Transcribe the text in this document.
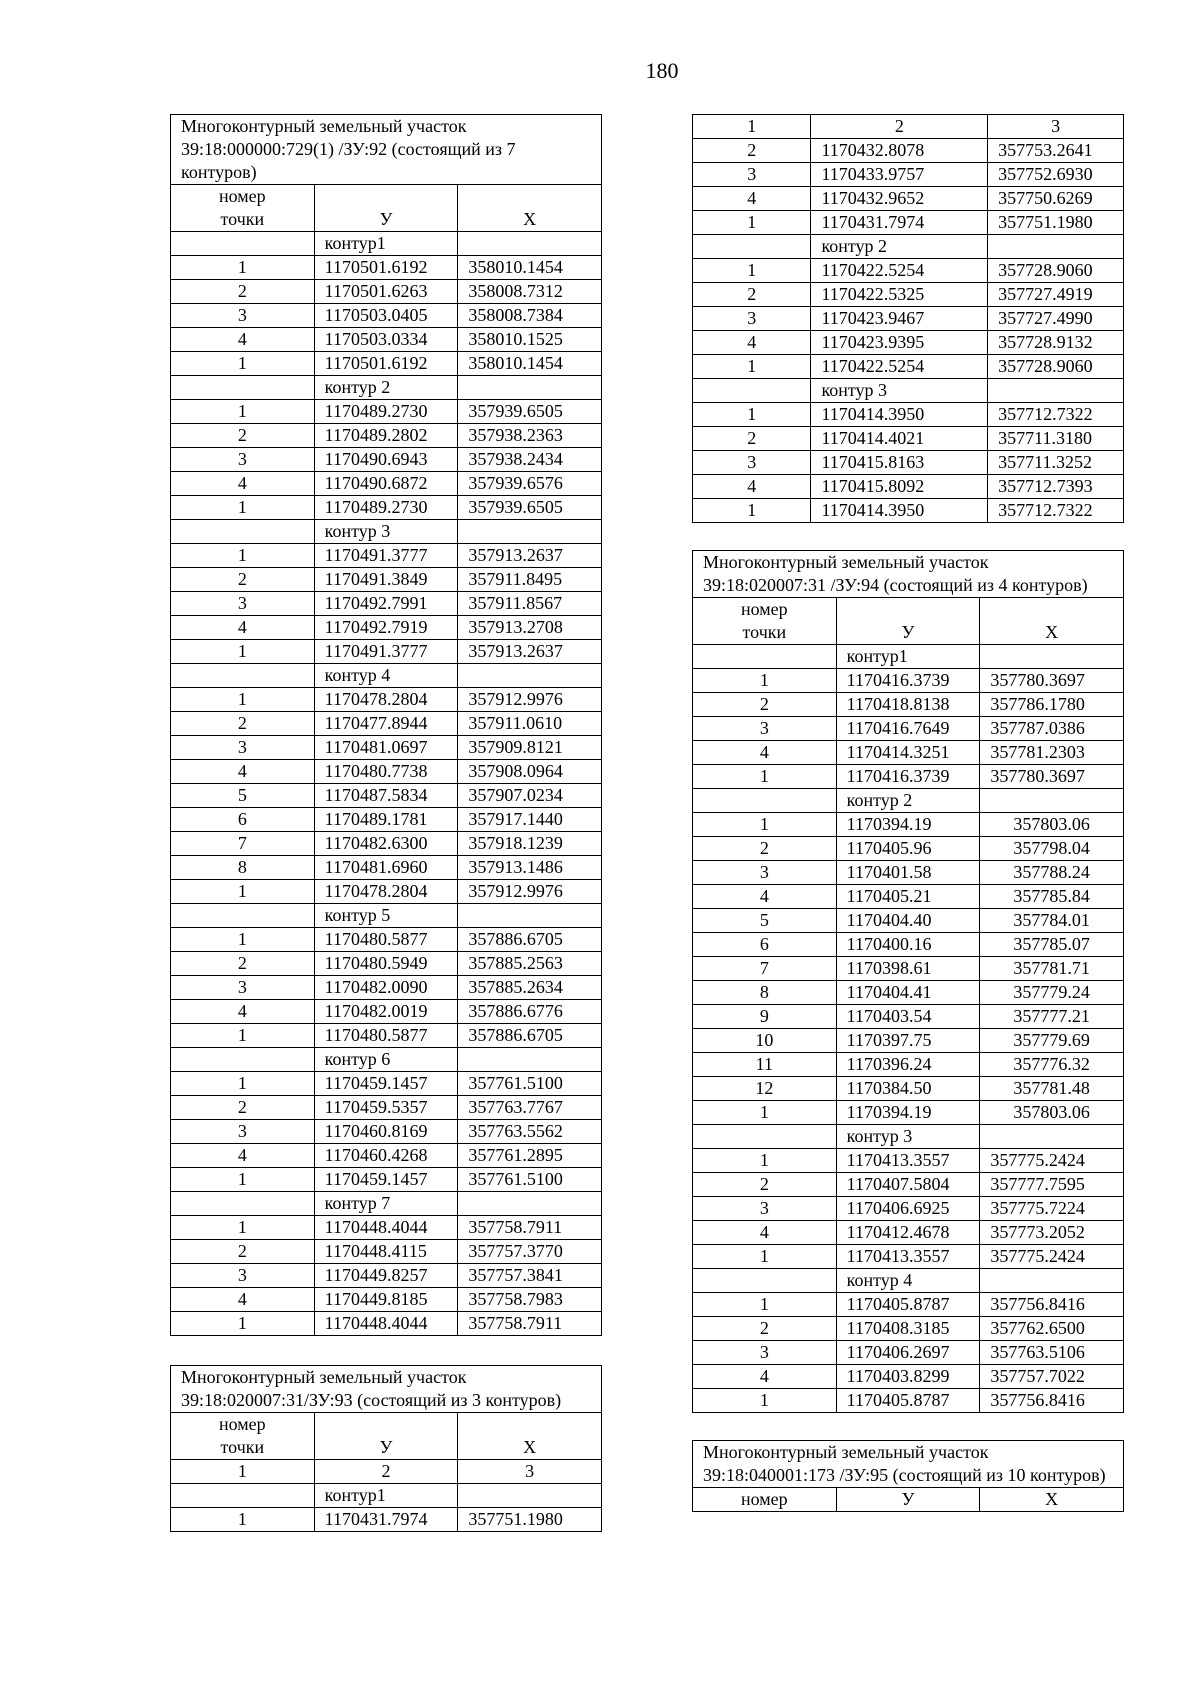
180
Многоконтурный земельный участок 39:18:000000:729(1) /ЗУ:92 (состоящий из 7 контуров)		
номер
точки	У	Х
	контур1	
1	1170501.6192	358010.1454
2	1170501.6263	358008.7312
3	1170503.0405	358008.7384
4	1170503.0334	358010.1525
1	1170501.6192	358010.1454
	контур 2	
1	1170489.2730	357939.6505
2	1170489.2802	357938.2363
3	1170490.6943	357938.2434
4	1170490.6872	357939.6576
1	1170489.2730	357939.6505
	контур 3	
1	1170491.3777	357913.2637
2	1170491.3849	357911.8495
3	1170492.7991	357911.8567
4	1170492.7919	357913.2708
1	1170491.3777	357913.2637
	контур 4	
1	1170478.2804	357912.9976
2	1170477.8944	357911.0610
3	1170481.0697	357909.8121
4	1170480.7738	357908.0964
5	1170487.5834	357907.0234
6	1170489.1781	357917.1440
7	1170482.6300	357918.1239
8	1170481.6960	357913.1486
1	1170478.2804	357912.9976
	контур 5	
1	1170480.5877	357886.6705
2	1170480.5949	357885.2563
3	1170482.0090	357885.2634
4	1170482.0019	357886.6776
1	1170480.5877	357886.6705
	контур 6	
1	1170459.1457	357761.5100
2	1170459.5357	357763.7767
3	1170460.8169	357763.5562
4	1170460.4268	357761.2895
1	1170459.1457	357761.5100
	контур 7	
1	1170448.4044	357758.7911
2	1170448.4115	357757.3770
3	1170449.8257	357757.3841
4	1170449.8185	357758.7983
1	1170448.4044	357758.7911
Многоконтурный земельный участок 39:18:020007:31/ЗУ:93 (состоящий из 3 контуров)		
номер
точки	У	Х
1	2	3
	контур1	
1	1170431.7974	357751.1980
1	2	3
2	1170432.8078	357753.2641
3	1170433.9757	357752.6930
4	1170432.9652	357750.6269
1	1170431.7974	357751.1980
	контур 2	
1	1170422.5254	357728.9060
2	1170422.5325	357727.4919
3	1170423.9467	357727.4990
4	1170423.9395	357728.9132
1	1170422.5254	357728.9060
	контур 3	
1	1170414.3950	357712.7322
2	1170414.4021	357711.3180
3	1170415.8163	357711.3252
4	1170415.8092	357712.7393
1	1170414.3950	357712.7322
Многоконтурный земельный участок 39:18:020007:31 /ЗУ:94 (состоящий из 4 контуров)		
номер
точки	У	Х
	контур1	
1	1170416.3739	357780.3697
2	1170418.8138	357786.1780
3	1170416.7649	357787.0386
4	1170414.3251	357781.2303
1	1170416.3739	357780.3697
	контур 2	
1	1170394.19	357803.06
2	1170405.96	357798.04
3	1170401.58	357788.24
4	1170405.21	357785.84
5	1170404.40	357784.01
6	1170400.16	357785.07
7	1170398.61	357781.71
8	1170404.41	357779.24
9	1170403.54	357777.21
10	1170397.75	357779.69
11	1170396.24	357776.32
12	1170384.50	357781.48
1	1170394.19	357803.06
	контур 3	
1	1170413.3557	357775.2424
2	1170407.5804	357777.7595
3	1170406.6925	357775.7224
4	1170412.4678	357773.2052
1	1170413.3557	357775.2424
	контур 4	
1	1170405.8787	357756.8416
2	1170408.3185	357762.6500
3	1170406.2697	357763.5106
4	1170403.8299	357757.7022
1	1170405.8787	357756.8416
Многоконтурный земельный участок 39:18:040001:173 /ЗУ:95 (состоящий из 10 контуров)
номер	У	Х
